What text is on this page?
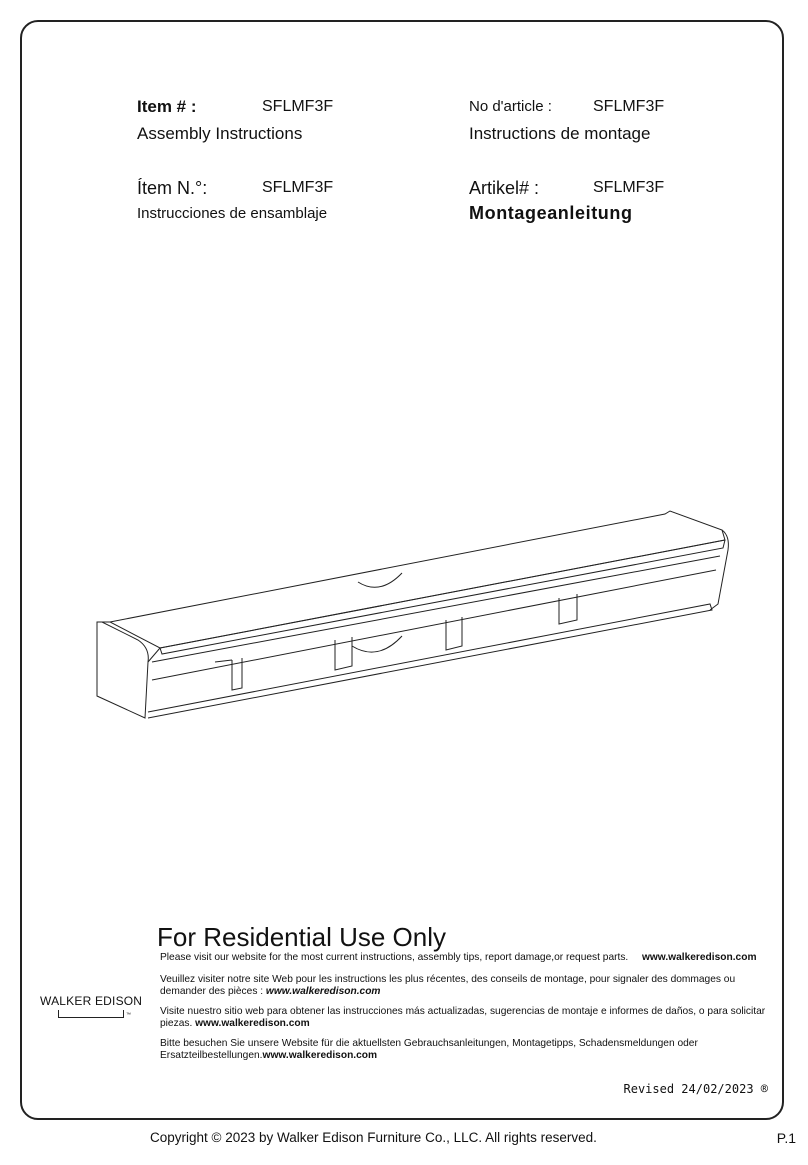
Item # :	SFLMF3F
Assembly Instructions
No d'article :	SFLMF3F
Instructions de montage
Ítem N.°:	SFLMF3F
Instrucciones de ensamblaje
Artikel# :	SFLMF3F
Montageanleitung
For Residential Use Only
Please visit our website for the most current instructions, assembly tips, report damage,or request parts. www.walkeredison.com
Veuillez visiter notre site Web pour les instructions les plus récentes, des conseils de montage, pour signaler des dommages ou demander des pièces : www.walkeredison.com
Visite nuestro sitio web para obtener las instrucciones más actualizadas, sugerencias de montaje e informes de daños, o para solicitar piezas. www.walkeredison.com
Bitte besuchen Sie unsere Website für die aktuellsten Gebrauchsanleitungen, Montagetipps, Schadensmeldungen oder Ersatzteilbestellungen.www.walkeredison.com
WALKER EDISON
™
Revised 24/02/2023 ®
Copyright © 2023 by Walker Edison Furniture Co., LLC. All rights reserved.	P.1
